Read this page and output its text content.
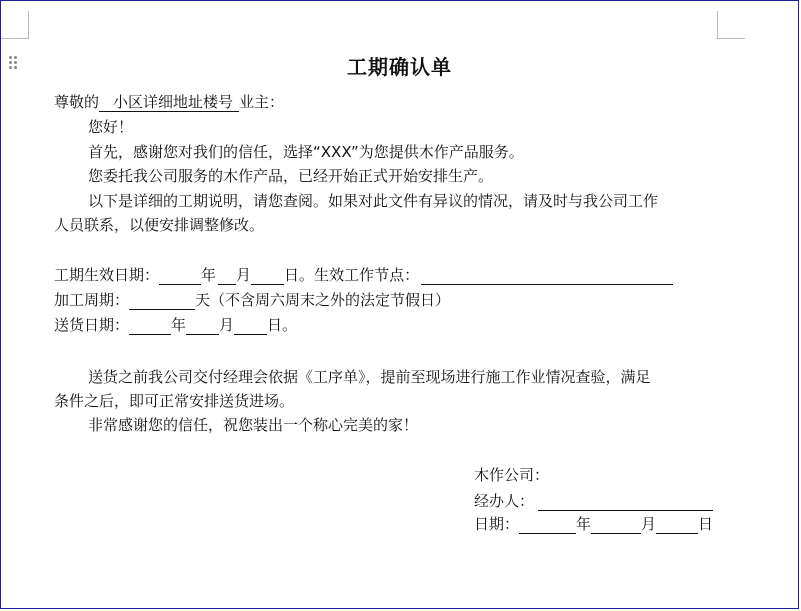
工期确认单
尊敬的 小区详细地址楼号 业主：
您好！
首先，感谢您对我们的信任，选择“XXX”为您提供木作产品服务。
您委托我公司服务的木作产品，已经开始正式开始安排生产。
以下是详细的工期说明，请您查阅。如果对此文件有异议的情况，请及时与我公司工作
人员联系，以便安排调整修改。
工期生效日期：	年 月 日。生效工作节点：
加工周期：	天（不含周六周末之外的法定节假日）
送货日期：	年 月 日。
送货之前我公司交付经理会依据《工序单》，提前至现场进行施工作业情况查验，满足
条件之后，即可正常安排送货进场。
非常感谢您的信任，祝您装出一个称心完美的家！
木作公司：
经办人：
日期：	年	月	日
